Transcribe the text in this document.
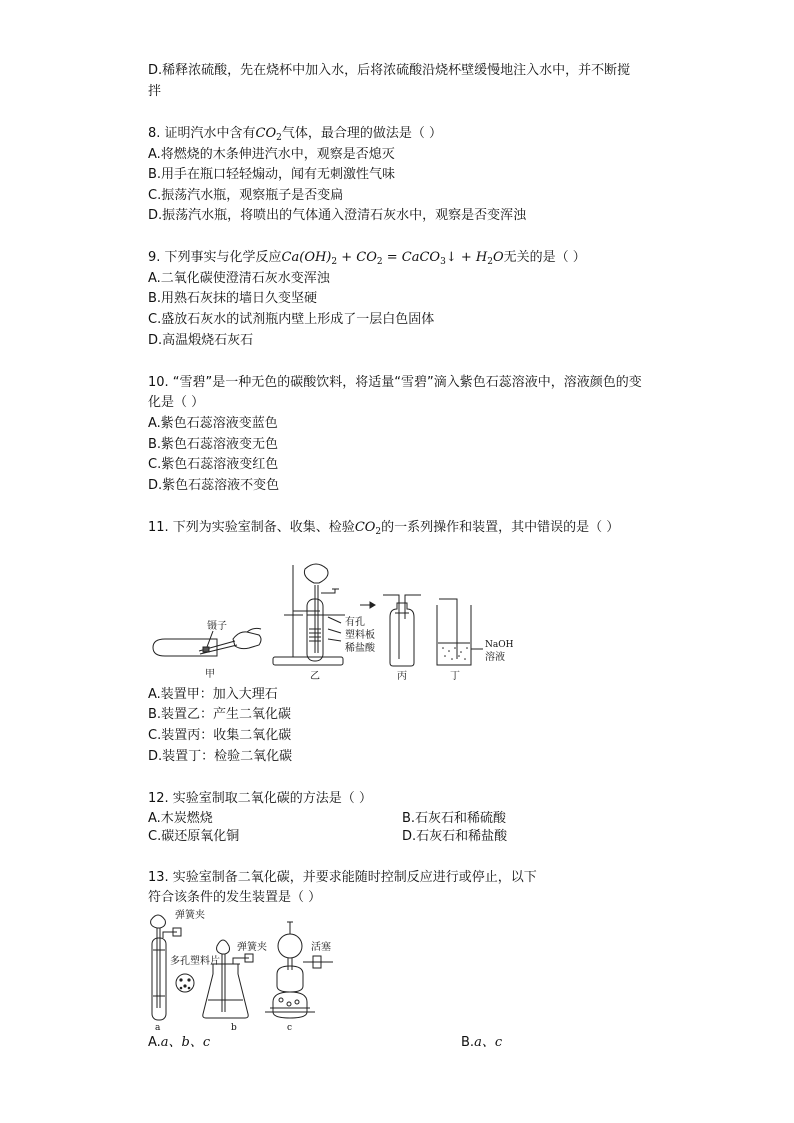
D.稀释浓硫酸，先在烧杯中加入水，后将浓硫酸沿烧杯壁缓慢地注入水中，并不断搅
拌
8. 证明汽水中含有$CO_2$气体，最合理的做法是（ ）
A.将燃烧的木条伸进汽水中，观察是否熄灭
B.用手在瓶口轻轻煽动，闻有无刺激性气味
C.振荡汽水瓶，观察瓶子是否变扁
D.振荡汽水瓶，将喷出的气体通入澄清石灰水中，观察是否变浑浊
9. 下列事实与化学反应$Ca(OH)_2 + CO_2$ = CaCO$_3$↓ + $H_2O$无关的是（ ）
A.二氧化碳使澄清石灰水变浑浊
B.用熟石灰抹的墙日久变坚硬
C.盛放石灰水的试剂瓶内壁上形成了一层白色固体
D.高温煅烧石灰石
10. “雪碧”是一种无色的碳酸饮料，将适量“雪碧”滴入紫色石蕊溶液中，溶液颜色的变
化是（ ）
A.紫色石蕊溶液变蓝色
B.紫色石蕊溶液变无色
C.紫色石蕊溶液变红色
D.紫色石蕊溶液不变色
11. 下列为实验室制备、收集、检验$CO_2$的一系列操作和装置，其中错误的是（ ）
镊子
甲	乙
有孔
塑料板
稀盐酸
丙	丁
NaOH
溶液
A.装置甲：加入大理石
B.装置乙：产生二氧化碳
C.装置丙：收集二氧化碳
D.装置丁：检验二氧化碳
12. 实验室制取二氧化碳的方法是（ ）
A.木炭燃烧	B.石灰石和稀硫酸
C.碳还原氧化铜	D.石灰石和稀盐酸
13. 实验室制备二氧化碳，并要求能随时控制反应进行或停止，以下
符合该条件的发生装置是（ ）
弹簧夹
多孔塑料片
弹簧夹	活塞
a	b	c
A.a、b、c	B.a、c
